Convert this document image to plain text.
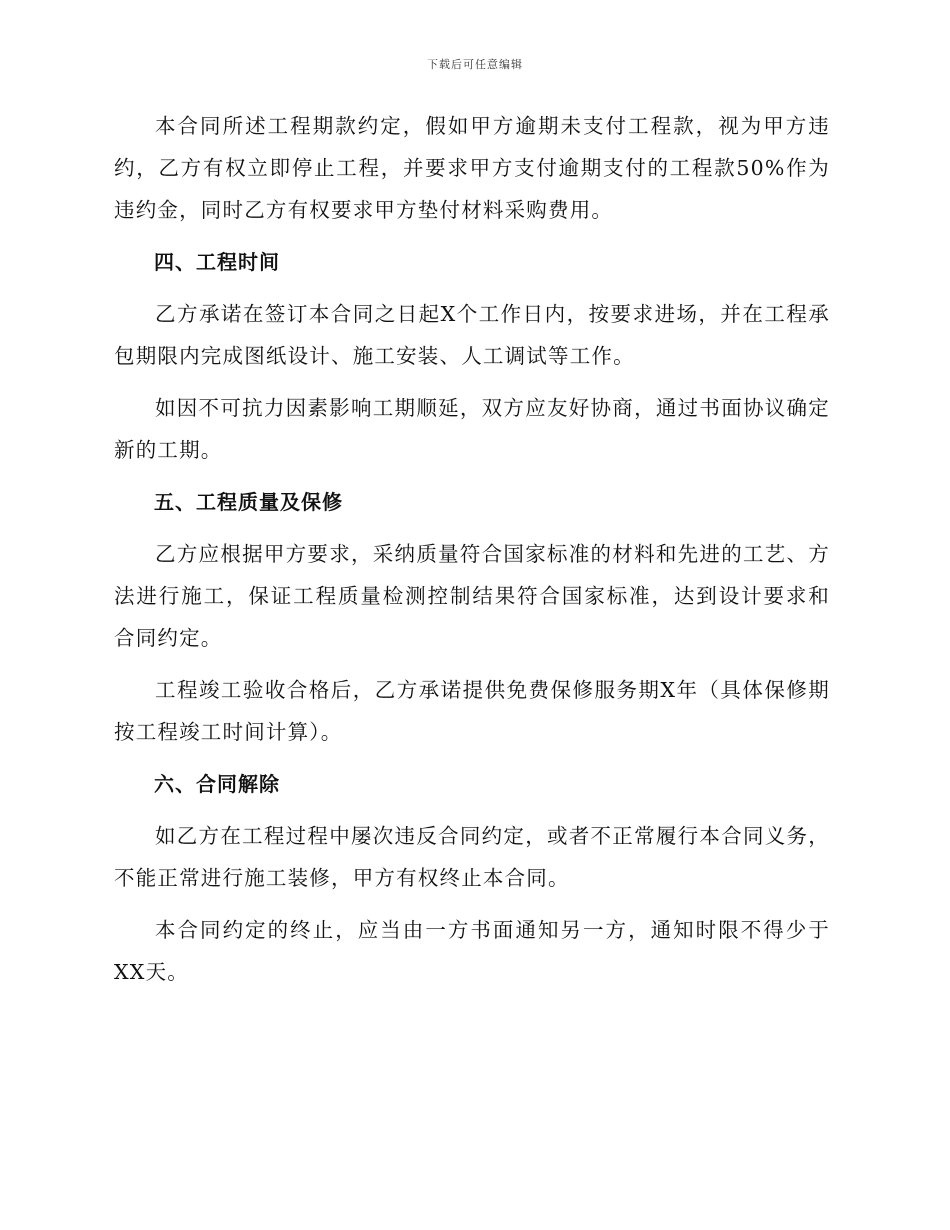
下载后可任意编辑

本合同所述工程期款约定，假如甲方逾期未支付工程款，视为甲方违约，乙方有权立即停止工程，并要求甲方支付逾期支付的工程款50%作为违约金，同时乙方有权要求甲方垫付材料采购费用。

四、工程时间

乙方承诺在签订本合同之日起X个工作日内，按要求进场，并在工程承包期限内完成图纸设计、施工安装、人工调试等工作。

如因不可抗力因素影响工期顺延，双方应友好协商，通过书面协议确定新的工期。

五、工程质量及保修

乙方应根据甲方要求，采纳质量符合国家标准的材料和先进的工艺、方法进行施工，保证工程质量检测控制结果符合国家标准，达到设计要求和合同约定。

工程竣工验收合格后，乙方承诺提供免费保修服务期X年（具体保修期按工程竣工时间计算）。

六、合同解除

如乙方在工程过程中屡次违反合同约定，或者不正常履行本合同义务，不能正常进行施工装修，甲方有权终止本合同。

本合同约定的终止，应当由一方书面通知另一方，通知时限不得少于XX天。
